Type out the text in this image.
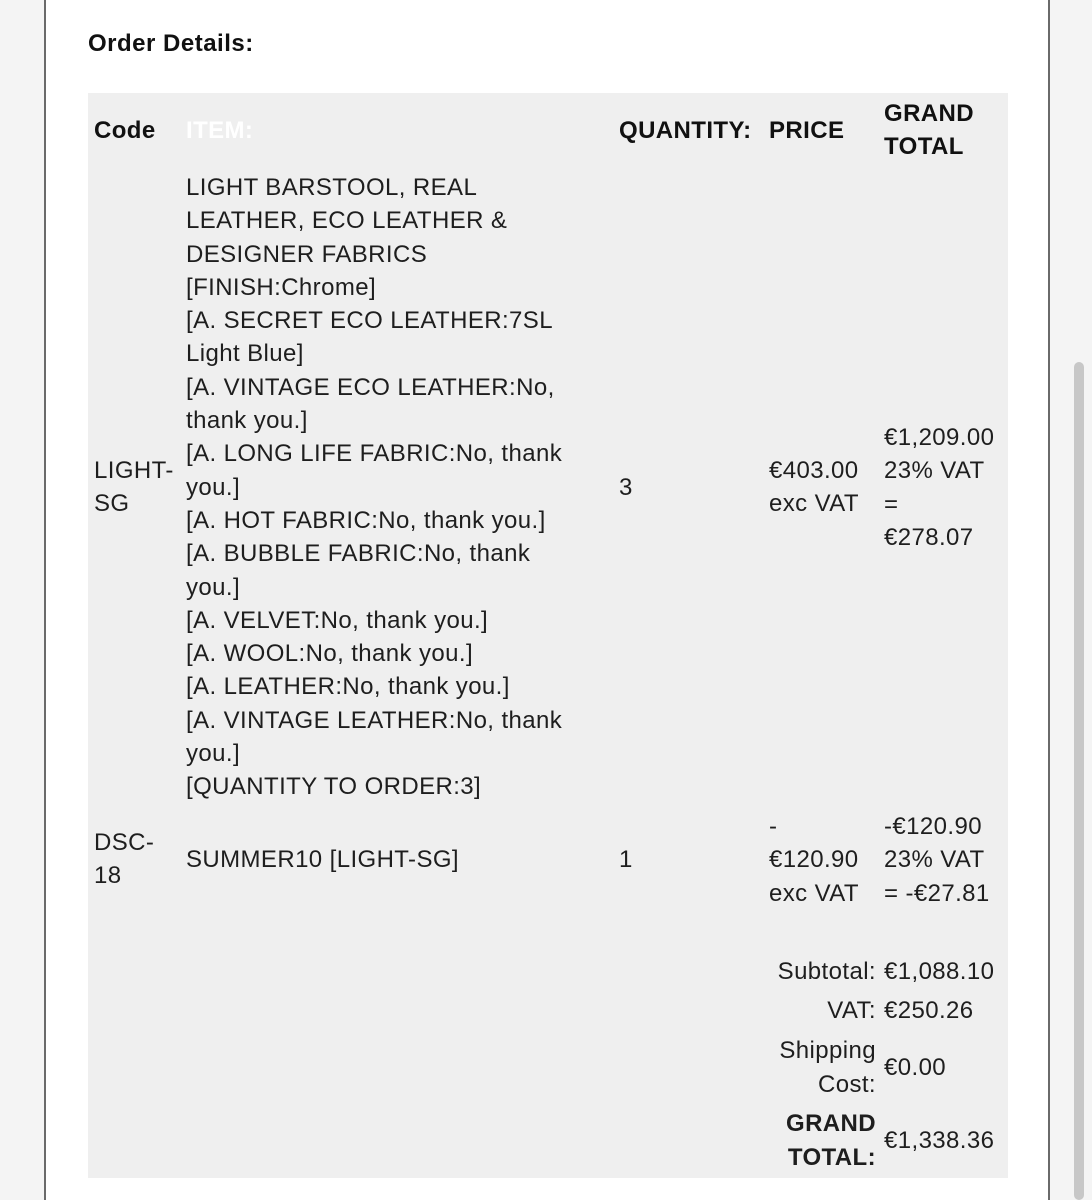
Order Details:
Code ITEM:	QUANTITY: PRICE
GRAND
TOTAL
LIGHT-
SG
LIGHT BARSTOOL, REAL
LEATHER, ECO LEATHER &
DESIGNER FABRICS
[FINISH:Chrome]
[A. SECRET ECO LEATHER:7SL
Light Blue]
[A. VINTAGE ECO LEATHER:No,
thank you.]
[A. LONG LIFE FABRIC:No, thank
you.]
[A. HOT FABRIC:No, thank you.]
[A. BUBBLE FABRIC:No, thank
you.]
[A. VELVET:No, thank you.]
[A. WOOL:No, thank you.]
[A. LEATHER:No, thank you.]
[A. VINTAGE LEATHER:No, thank
you.]
[QUANTITY TO ORDER:3]
3
€403.00
exc VAT
€1,209.00
23% VAT
=
€278.07
DSC-
18
SUMMER10 [LIGHT-SG]	1
-
€120.90
exc VAT
-€120.90
23% VAT
= -€27.81
Subtotal: €1,088.10
VAT: €250.26
Shipping
Cost:
€0.00
GRAND
TOTAL:
€1,338.36
